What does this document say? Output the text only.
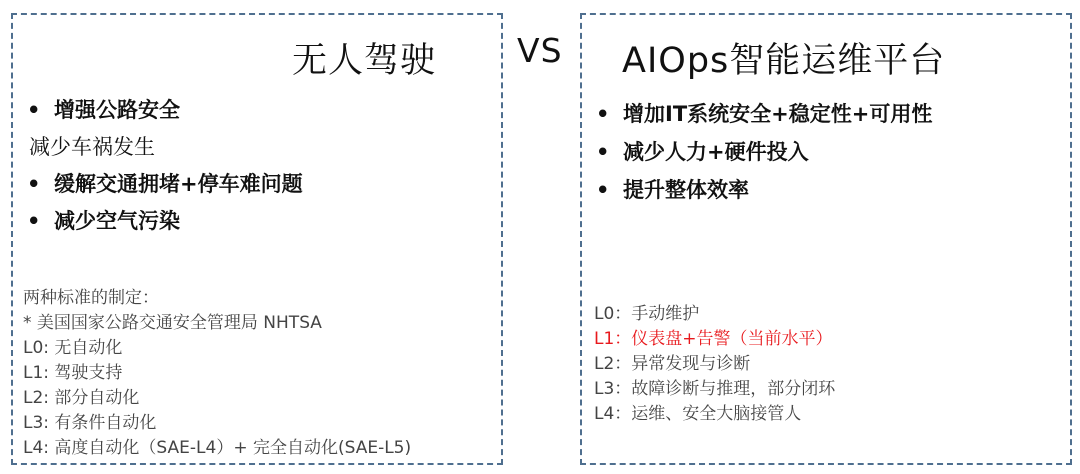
无人驾驶
• 增强公路安全
减少车祸发生
• 缓解交通拥堵+停车难问题
• 减少空气污染
两种标准的制定：
* 美国国家公路交通安全管理局 NHTSA
L0: 无自动化
L1: 驾驶支持
L2: 部分自动化
L3: 有条件自动化
L4: 高度自动化（SAE-L4）+ 完全自动化(SAE-L5)
VS AIOps智能运维平台
• 增加IT系统安全+稳定性+可用性
• 减少人力+硬件投入
• 提升整体效率
L0：手动维护
L1：仪表盘+告警（当前水平）
L2：异常发现与诊断
L3：故障诊断与推理，部分闭环
L4：运维、安全大脑接管人
